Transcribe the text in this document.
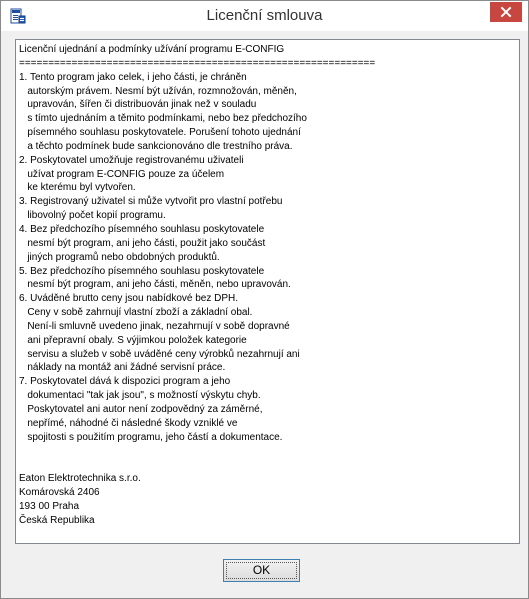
Licenční smlouva
Licenční ujednání a podmínky užívání programu E-CONFIG
=============================================================
1. Tento program jako celek, i jeho části, je chráněn
autorským právem. Nesmí být užíván, rozmnožován, měněn,
upravován, šířen či distribuován jinak než v souladu
s tímto ujednáním a těmito podmínkami, nebo bez předchozího
písemného souhlasu poskytovatele. Porušení tohoto ujednání
a těchto podmínek bude sankcionováno dle trestního práva.
2. Poskytovatel umožňuje registrovanému uživateli
užívat program E-CONFIG pouze za účelem
ke kterému byl vytvořen.
3. Registrovaný uživatel si může vytvořit pro vlastní potřebu
libovolný počet kopií programu.
4. Bez předchozího písemného souhlasu poskytovatele
nesmí být program, ani jeho části, použit jako součást
jiných programů nebo obdobných produktů.
5. Bez předchozího písemného souhlasu poskytovatele
nesmí být program, ani jeho části, měněn, nebo upravován.
6. Uváděné brutto ceny jsou nabídkové bez DPH.
Ceny v sobě zahrnují vlastní zboží a základní obal.
Není-li smluvně uvedeno jinak, nezahrnují v sobě dopravné
ani přepravní obaly. S výjimkou položek kategorie
servisu a služeb v sobě uváděné ceny výrobků nezahrnují ani
náklady na montáž ani žádné servisní práce.
7. Poskytovatel dává k dispozici program a jeho
dokumentaci "tak jak jsou", s možností výskytu chyb.
Poskytovatel ani autor není zodpovědný za záměrné,
nepřímé, náhodné či následné škody vzniklé ve
spojitosti s použitím programu, jeho částí a dokumentace.

Eaton Elektrotechnika s.r.o.
Komárovská 2406
193 00 Praha
Česká Republika
OK
